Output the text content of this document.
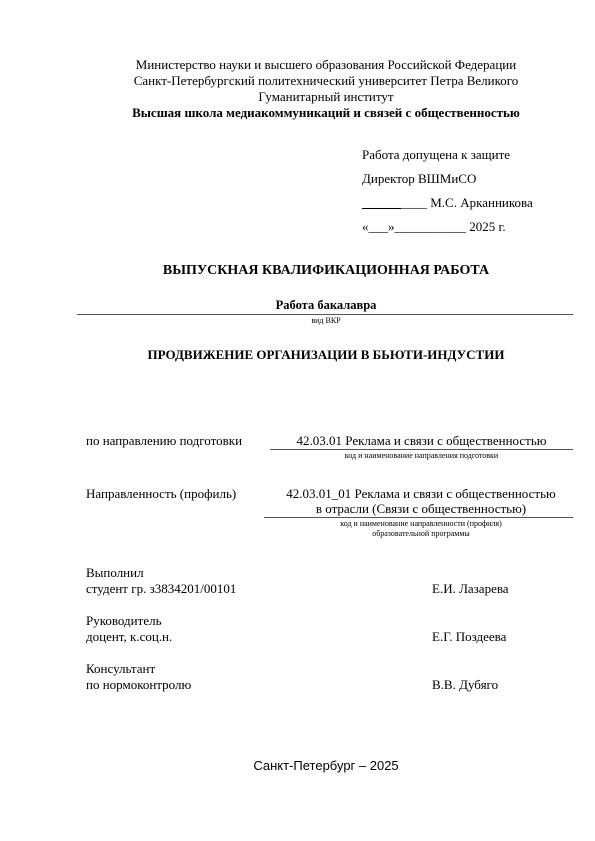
Министерство науки и высшего образования Российской Федерации
Санкт-Петербургский политехнический университет Петра Великого
Гуманитарный институт
Высшая школа медиакоммуникаций и связей с общественностью
Работа допущена к защите
Директор ВШМиСО
__________ М.С. Арканникова
«___»___________ 2025 г.
ВЫПУСКНАЯ КВАЛИФИКАЦИОННАЯ РАБОТА
Работа бакалавра
вид ВКР
ПРОДВИЖЕНИЕ ОРГАНИЗАЦИИ В БЬЮТИ-ИНДУСТИИ
по направлению подготовки	42.03.01 Реклама и связи с общественностью
код и наименование направления подготовки
Направленность (профиль)	42.03.01_01 Реклама и связи с общественностью
в отрасли (Связи с общественностью)
код и наименование направленности (профиля)
образовательной программы
Выполнил
студент гр. з3834201/00101	Е.И. Лазарева
Руководитель
доцент, к.соц.н.	Е.Г. Поздеева
Консультант
по нормоконтролю	В.В. Дубяго
Санкт-Петербург – 2025
